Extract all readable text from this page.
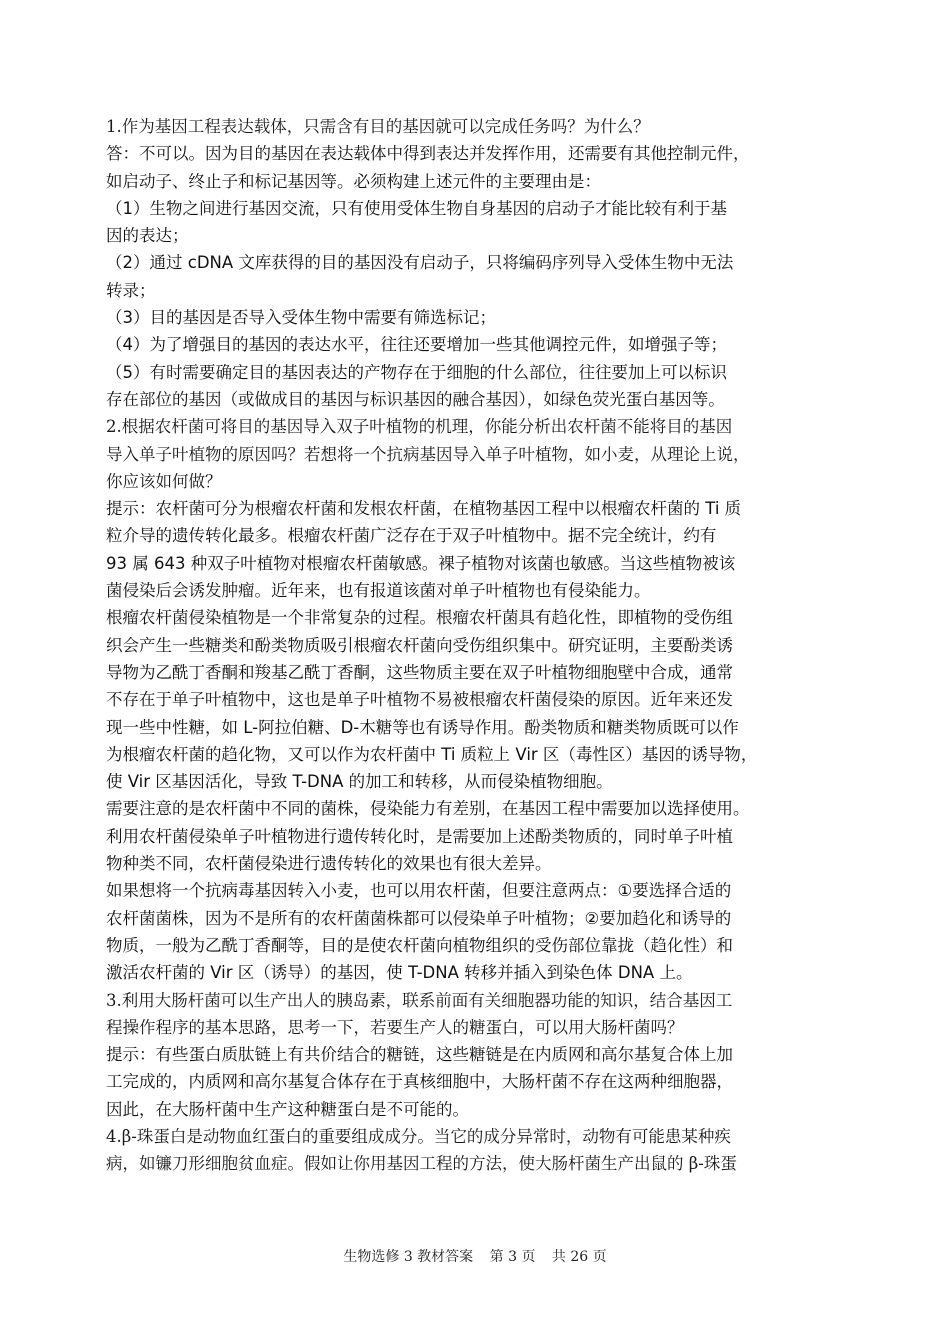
1.作为基因工程表达载体，只需含有目的基因就可以完成任务吗？为什么？
答：不可以。因为目的基因在表达载体中得到表达并发挥作用，还需要有其他控制元件，
如启动子、终止子和标记基因等。必须构建上述元件的主要理由是：
（1）生物之间进行基因交流，只有使用受体生物自身基因的启动子才能比较有利于基
因的表达；
（2）通过 cDNA 文库获得的目的基因没有启动子，只将编码序列导入受体生物中无法
转录；
（3）目的基因是否导入受体生物中需要有筛选标记；
（4）为了增强目的基因的表达水平，往往还要增加一些其他调控元件，如增强子等；
（5）有时需要确定目的基因表达的产物存在于细胞的什么部位，往往要加上可以标识
存在部位的基因（或做成目的基因与标识基因的融合基因），如绿色荧光蛋白基因等。
2.根据农杆菌可将目的基因导入双子叶植物的机理，你能分析出农杆菌不能将目的基因
导入单子叶植物的原因吗？若想将一个抗病基因导入单子叶植物，如小麦，从理论上说，
你应该如何做？
提示：农杆菌可分为根瘤农杆菌和发根农杆菌，在植物基因工程中以根瘤农杆菌的 Ti 质
粒介导的遗传转化最多。根瘤农杆菌广泛存在于双子叶植物中。据不完全统计，约有
93 属 643 种双子叶植物对根瘤农杆菌敏感。裸子植物对该菌也敏感。当这些植物被该
菌侵染后会诱发肿瘤。近年来，也有报道该菌对单子叶植物也有侵染能力。
根瘤农杆菌侵染植物是一个非常复杂的过程。根瘤农杆菌具有趋化性，即植物的受伤组
织会产生一些糖类和酚类物质吸引根瘤农杆菌向受伤组织集中。研究证明，主要酚类诱
导物为乙酰丁香酮和羧基乙酰丁香酮，这些物质主要在双子叶植物细胞壁中合成，通常
不存在于单子叶植物中，这也是单子叶植物不易被根瘤农杆菌侵染的原因。近年来还发
现一些中性糖，如 L-阿拉伯糖、D-木糖等也有诱导作用。酚类物质和糖类物质既可以作
为根瘤农杆菌的趋化物，又可以作为农杆菌中 Ti 质粒上 Vir 区（毒性区）基因的诱导物，
使 Vir 区基因活化，导致 T-DNA 的加工和转移，从而侵染植物细胞。
需要注意的是农杆菌中不同的菌株，侵染能力有差别，在基因工程中需要加以选择使用。
利用农杆菌侵染单子叶植物进行遗传转化时，是需要加上述酚类物质的，同时单子叶植
物种类不同，农杆菌侵染进行遗传转化的效果也有很大差异。
如果想将一个抗病毒基因转入小麦，也可以用农杆菌，但要注意两点：①要选择合适的
农杆菌菌株，因为不是所有的农杆菌菌株都可以侵染单子叶植物；②要加趋化和诱导的
物质，一般为乙酰丁香酮等，目的是使农杆菌向植物组织的受伤部位靠拢（趋化性）和
激活农杆菌的 Vir 区（诱导）的基因，使 T-DNA 转移并插入到染色体 DNA 上。
3.利用大肠杆菌可以生产出人的胰岛素，联系前面有关细胞器功能的知识，结合基因工
程操作程序的基本思路，思考一下，若要生产人的糖蛋白，可以用大肠杆菌吗？
提示：有些蛋白质肽链上有共价结合的糖链，这些糖链是在内质网和高尔基复合体上加
工完成的，内质网和高尔基复合体存在于真核细胞中，大肠杆菌不存在这两种细胞器，
因此，在大肠杆菌中生产这种糖蛋白是不可能的。
4.β-珠蛋白是动物血红蛋白的重要组成成分。当它的成分异常时，动物有可能患某种疾
病，如镰刀形细胞贫血症。假如让你用基因工程的方法，使大肠杆菌生产出鼠的 β-珠蛋
生物选修 3 教材答案 第 3 页 共 26 页
